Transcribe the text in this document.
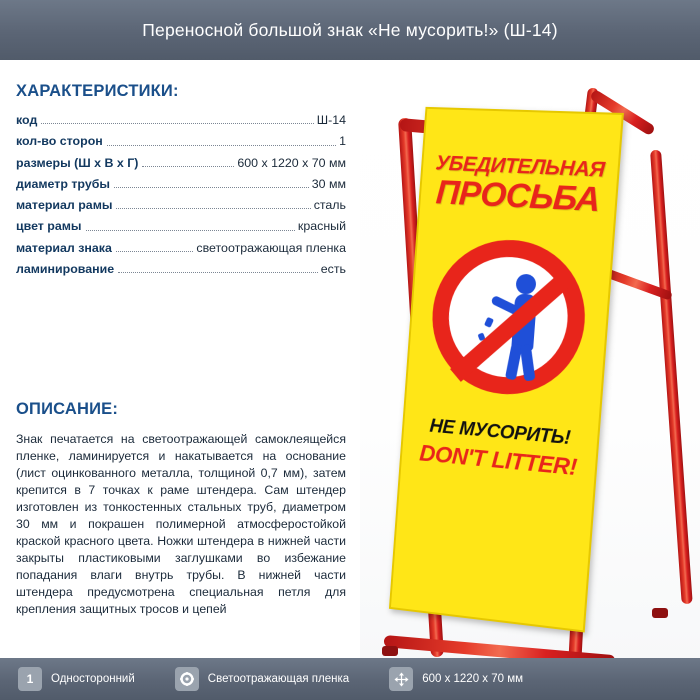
Переносной большой знак «Не мусорить!» (Ш-14)
ХАРАКТЕРИСТИКИ:
код	Ш-14
кол-во сторон	1
размеры (Ш х В х Г)	600 x 1220 x 70 мм
диаметр трубы	30 мм
материал рамы	сталь
цвет рамы	красный
материал знака	светоотражающая пленка
ламинирование	есть
ОПИСАНИЕ:

Знак печатается на светоотражающей самоклеящейся пленке, ламинируется и накатывается на основание (лист оцинкованного металла, толщиной 0,7 мм), затем крепится в 7 точках к раме штендера. Сам штендер изготовлен из тонкостенных стальных труб, диаметром 30 мм и покрашен полимерной атмосферостойкой краской красного цвета. Ножки штендера в нижней части закрыты пластиковыми заглушками во избежание попадания влаги внутрь трубы. В нижней части штендера предусмотрена специальная петля для крепления защитных тросов и цепей

УБЕДИТЕЛЬНАЯ
ПРОСЬБА
НЕ МУСОРИТЬ!
DON'T LITTER!
1	Односторонний	Светоотражающая пленка	600 x 1220 x 70 мм
